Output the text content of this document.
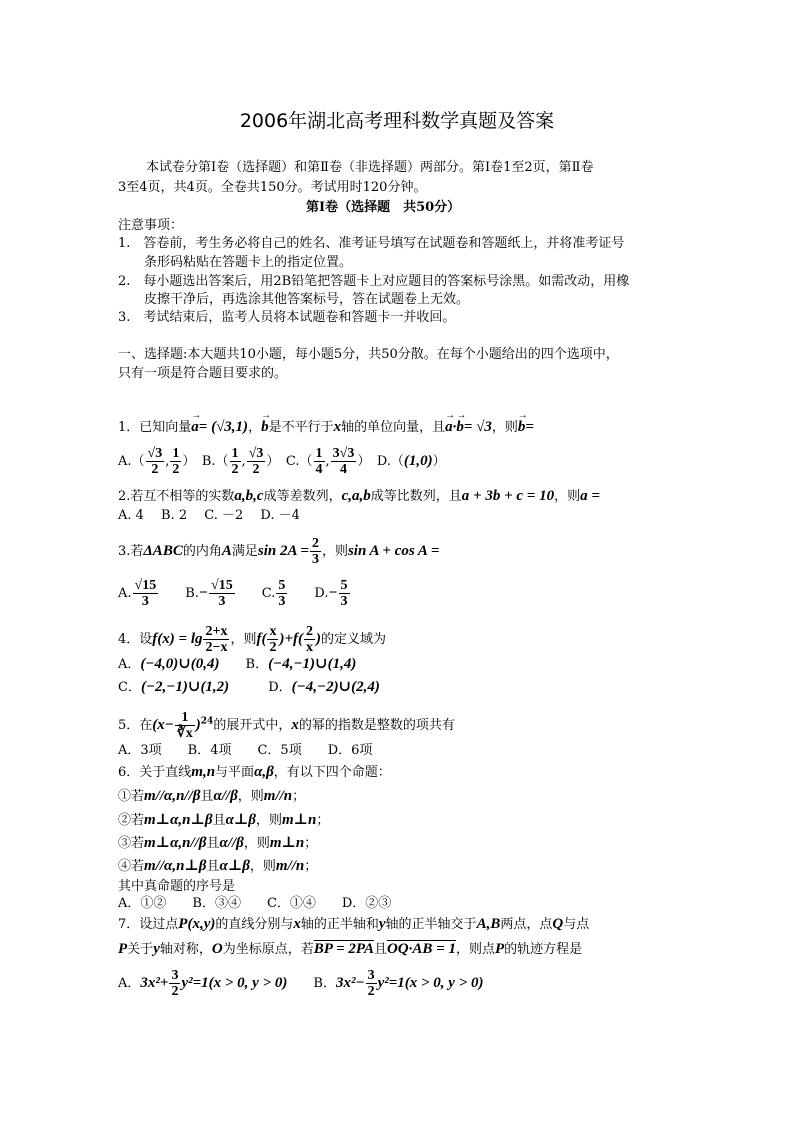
2006年湖北高考理科数学真题及答案
本试卷分第Ⅰ卷（选择题）和第Ⅱ卷（非选择题）两部分。第Ⅰ卷1至2页，第Ⅱ卷
3至4页，共4页。全卷共150分。考试用时120分钟。
第Ⅰ卷（选择题　共50分）
注意事项：
1.　答卷前，考生务必将自己的姓名、准考证号填写在试题卷和答题纸上，并将准考证号
　　条形码粘贴在答题卡上的指定位置。
2.　每小题选出答案后，用2B铅笔把答题卡上对应题目的答案标号涂黑。如需改动，用橡
　　皮擦干净后，再选涂其他答案标号，答在试题卷上无效。
3.　考试结束后，监考人员将本试题卷和答题卡一并收回。
一、选择题:本大题共10小题，每小题5分，共50分散。在每个小题给出的四个选项中，
只有一项是符合题目要求的。
1．已知向量→ a= (√3,1)，→ b是不平行于x轴的单位向量，且→ a·→ b= √3，则→ b=
$A.( \frac{√3}{2}$ , $\frac{1}{2}$ ）　$B.( \frac{1}{2}$ , $\frac{√3}{2}$ ）　$C.( \frac{1}{4}$ , $\frac{3√3}{4}$ ）　D.（(1,0)）
2.若互不相等的实数a,b,c成等差数列，c,a,b成等比数列，且a + 3b + c = 10，则a =
A. 4　 B. 2　 C. －2　 D. －4
3.若ΔABC的内角A满足$\sin 2A = \frac{2}{3}$ ，则sin A + cos A =
A. $\frac{√15}{3}$
　　 $B.- \frac{√15}{3}$
　　 C. $\frac{5}{3}$
　　 $D.- \frac{5}{3}$
4．设$f(x) = \lg \frac{2+x}{2-x}$ ，则$f( \frac{x}{2} )+f( \frac{2}{x}$ )的定义域为
A．(−4,0)∪(0,4)　　 B．(−4,−1)∪(1,4)
C．(−2,−1)∪(1,2)　　　	D．(−4,−2)∪(2,4)
5．在$(x- \frac{1}{∛x} )^{24}$的展开式中，x的幂的指数是整数的项共有
A．3项　　B．4项　　C．5项　　D．6项
6．关于直线m,n与平面α,β，有以下四个命题：
①若m//α,n//β且α//β，则m//n；
②若m⊥α,n⊥β且α⊥β，则m⊥n；
③若m⊥α,n//β且α//β，则m⊥n；
④若m//α,n⊥β且α⊥β，则m//n；
其中真命题的序号是
A．①②　　B．③④　　C．①④　　D．②③
7．设过点P(x,y)的直线分别与x轴的正半轴和y轴的正半轴交于A,B两点，点Q与点
P关于y轴对称，O为坐标原点，若BP = 2PA且OQ·AB = 1，则点P的轨迹方程是
A．$3x^2+ \frac{3}{2} y^2=1(x > 0$, y > 0)　　 B．$3x^2- \frac{3}{2} y^2=1(x > 0$, y > 0)
